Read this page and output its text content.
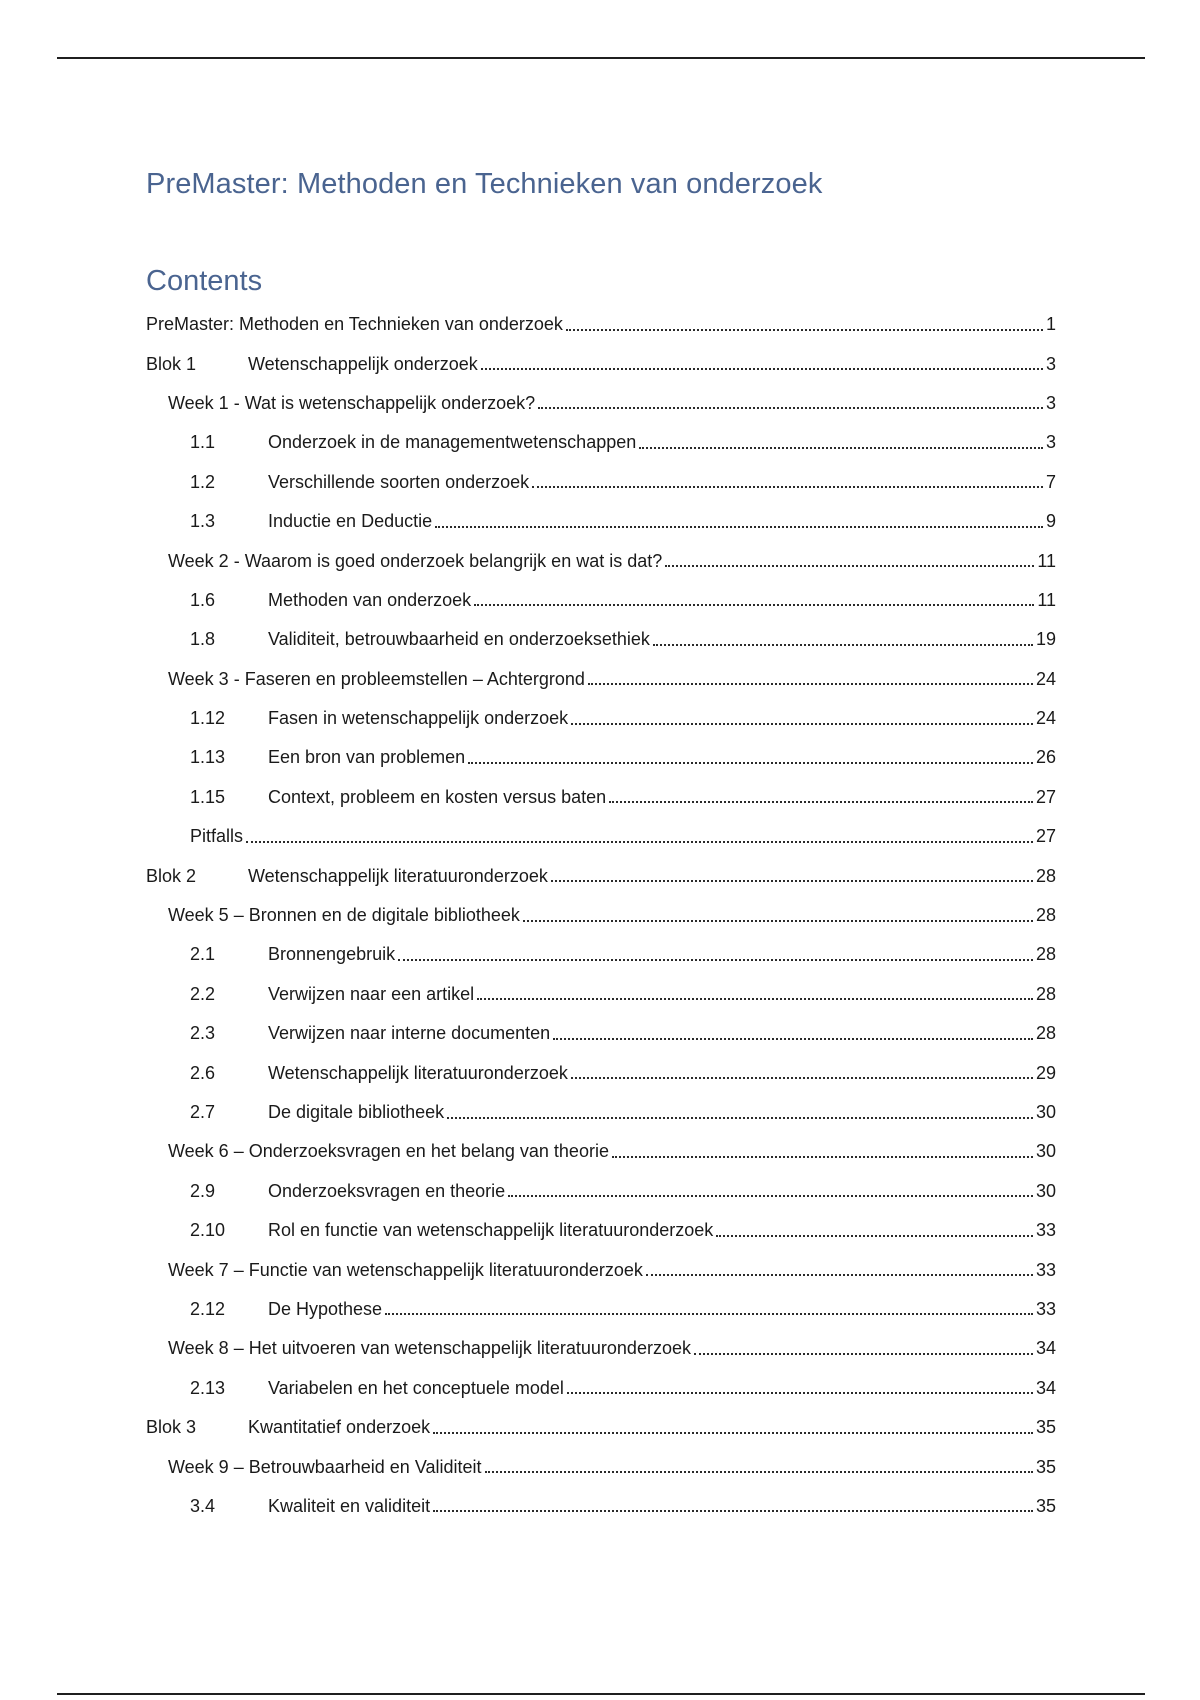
PreMaster: Methoden en Technieken van onderzoek
Contents
PreMaster: Methoden en Technieken van onderzoek	1
Blok 1	Wetenschappelijk onderzoek	3
Week 1 - Wat is wetenschappelijk onderzoek?	3
1.1	Onderzoek in de managementwetenschappen	3
1.2	Verschillende soorten onderzoek	7
1.3	Inductie en Deductie	9
Week 2 - Waarom is goed onderzoek belangrijk en wat is dat?	11
1.6	Methoden van onderzoek	11
1.8	Validiteit, betrouwbaarheid en onderzoeksethiek	19
Week 3 - Faseren en probleemstellen – Achtergrond	24
1.12	Fasen in wetenschappelijk onderzoek	24
1.13	Een bron van problemen	26
1.15	Context, probleem en kosten versus baten	27
Pitfalls	27
Blok 2	Wetenschappelijk literatuuronderzoek	28
Week 5 – Bronnen en de digitale bibliotheek	28
2.1	Bronnengebruik	28
2.2	Verwijzen naar een artikel	28
2.3	Verwijzen naar interne documenten	28
2.6	Wetenschappelijk literatuuronderzoek	29
2.7	De digitale bibliotheek	30
Week 6 – Onderzoeksvragen en het belang van theorie	30
2.9	Onderzoeksvragen en theorie	30
2.10	Rol en functie van wetenschappelijk literatuuronderzoek	33
Week 7 – Functie van wetenschappelijk literatuuronderzoek	33
2.12	De Hypothese	33
Week 8 – Het uitvoeren van wetenschappelijk literatuuronderzoek	34
2.13	Variabelen en het conceptuele model	34
Blok 3	Kwantitatief onderzoek	35
Week 9 – Betrouwbaarheid en Validiteit	35
3.4	Kwaliteit en validiteit	35
